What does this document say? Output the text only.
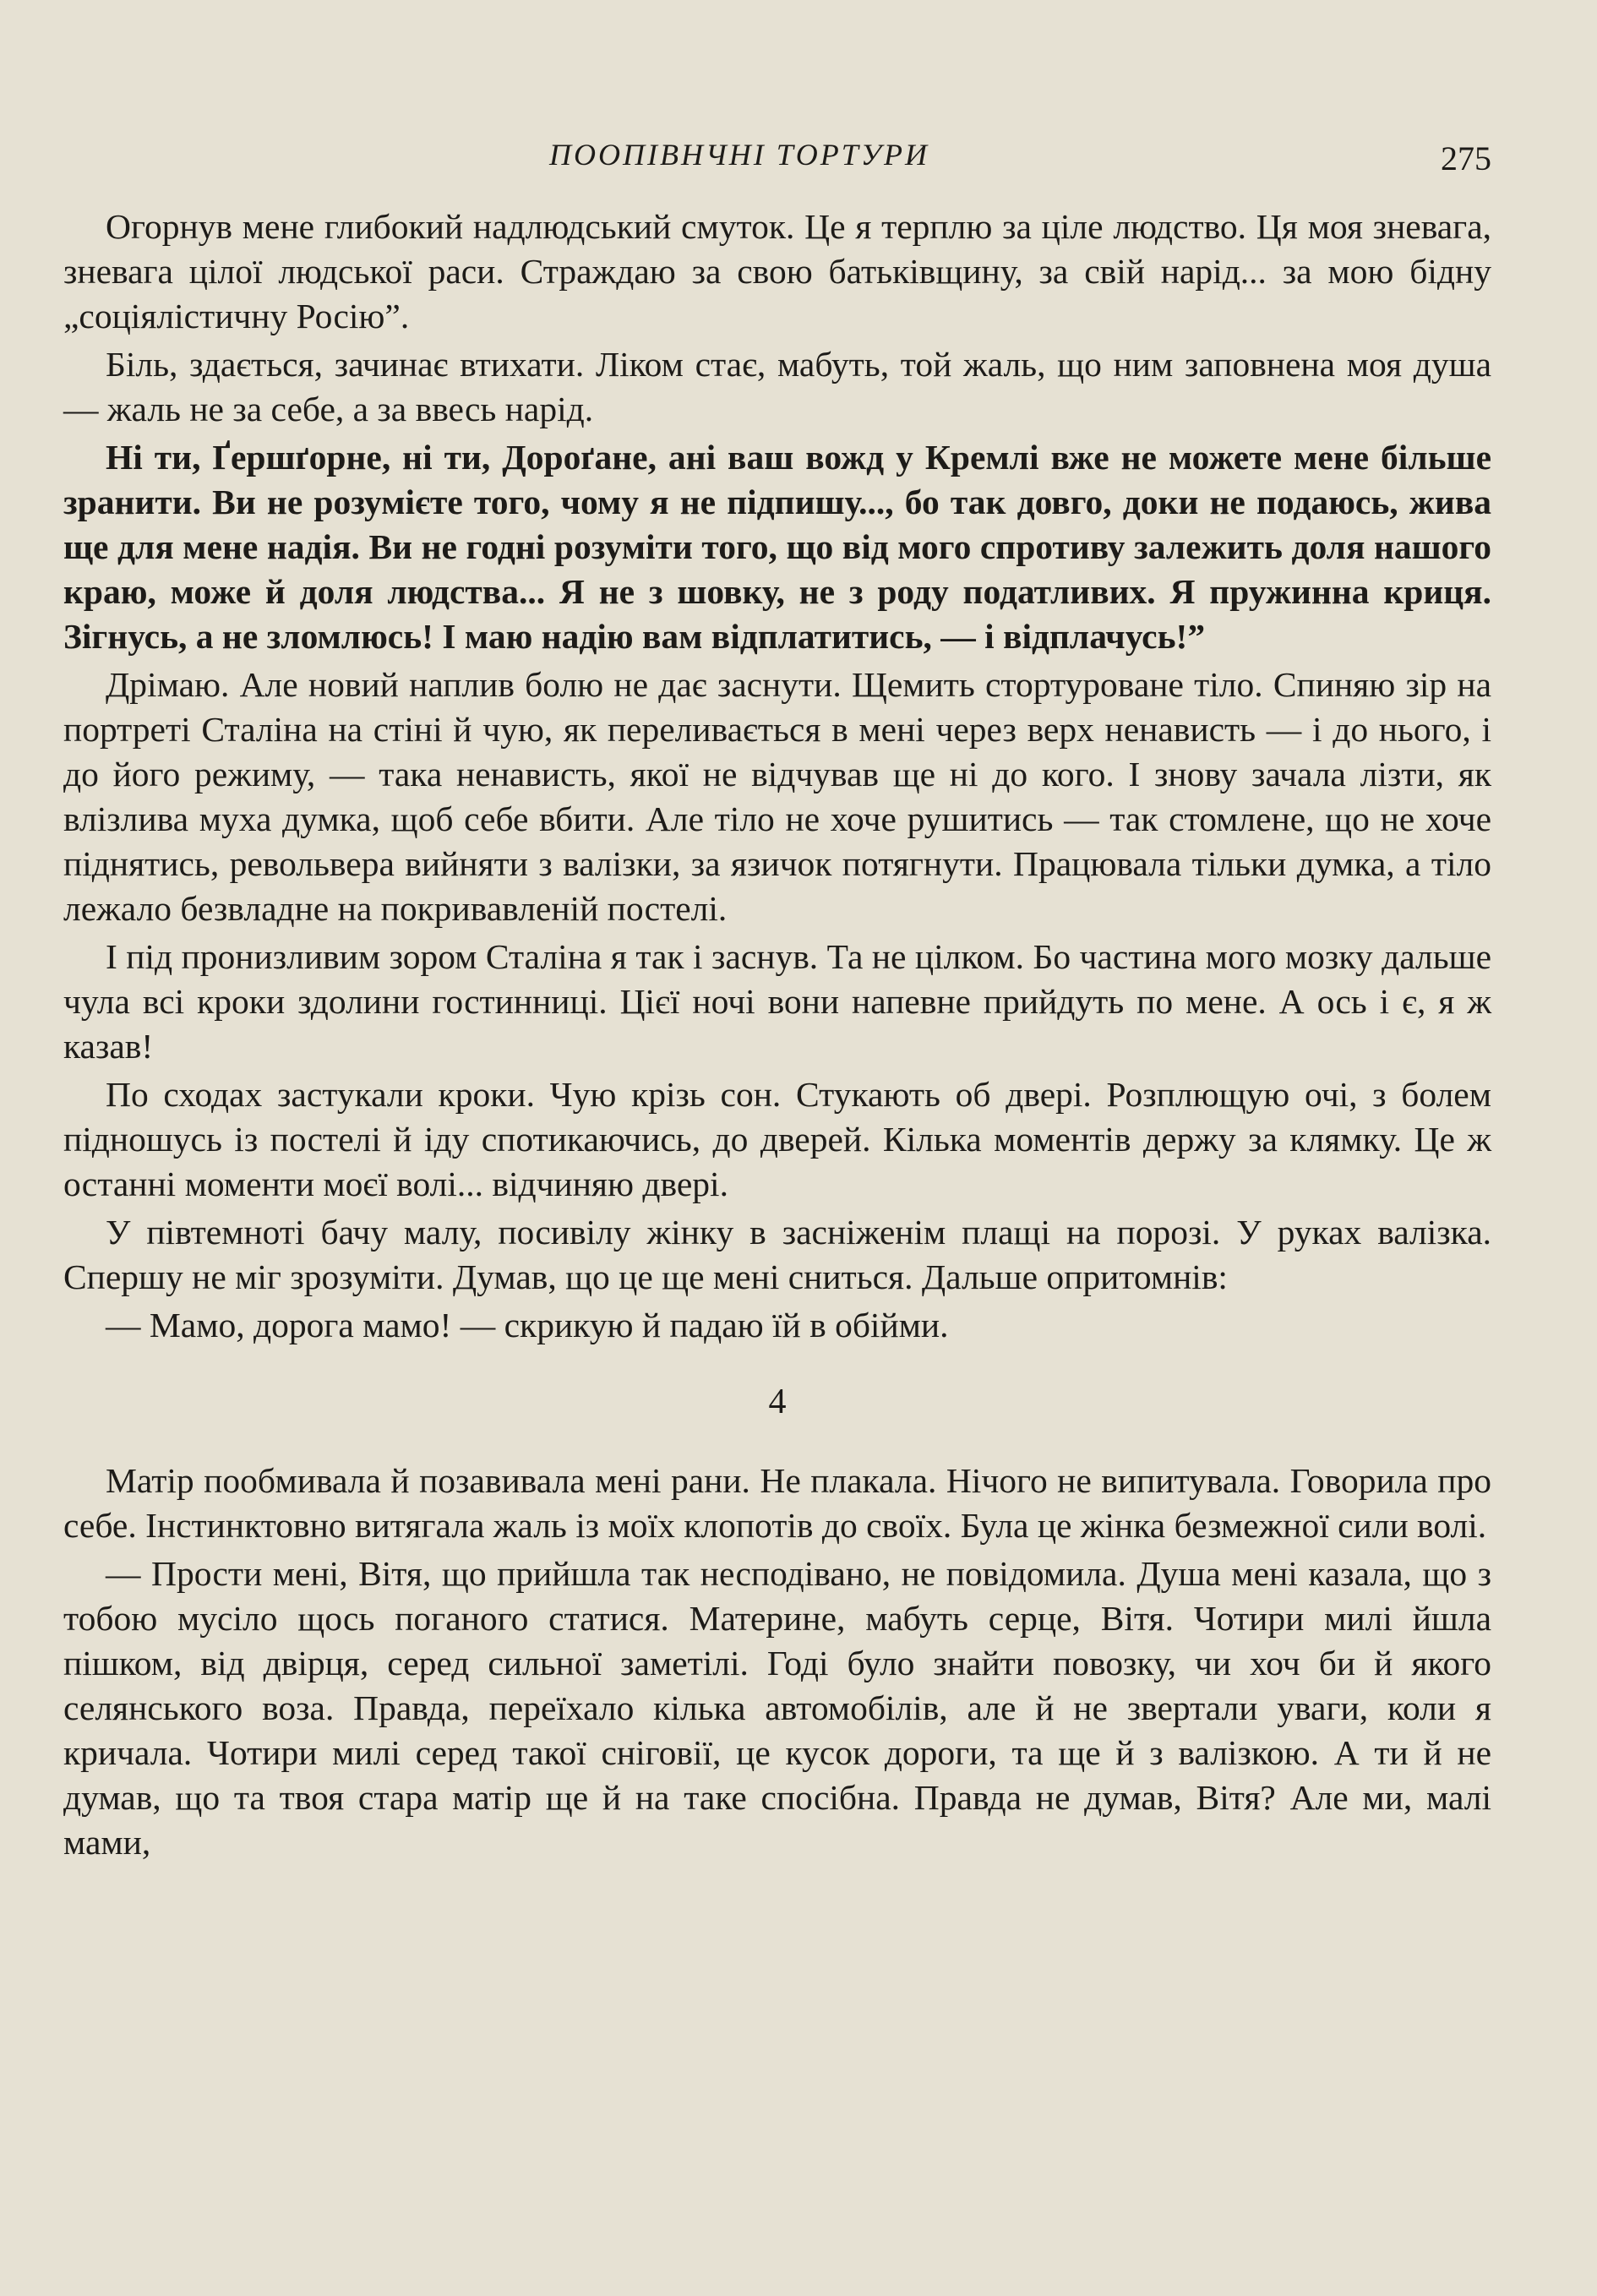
ПООПІВНЧНІ ТОРТУРИ	275

Огорнув мене глибокий надлюдський смуток. Це я терплю за ціле людство. Ця моя зневага, зневага цілої людської раси. Страждаю за свою батьківщину, за свій нарід... за мою бідну „соціялістичну Росію”.

Біль, здається, зачинає втихати. Ліком стає, мабуть, той жаль, що ним заповнена моя душа — жаль не за себе, а за ввесь нарід.

Ні ти, Ґершґорне, ні ти, Дороґане, ані ваш вожд у Кремлі вже не можете мене більше зранити. Ви не розумієте того, чому я не підпишу..., бо так довго, доки не подаюсь, жива ще для мене надія. Ви не годні розуміти того, що від мого спротиву залежить доля нашого краю, може й доля людства... Я не з шовку, не з роду податливих. Я пружинна криця. Зігнусь, а не зломлюсь! І маю надію вам відплатитись, — і відплачусь!”

Дрімаю. Але новий наплив болю не дає заснути. Щемить стортуроване тіло. Спиняю зір на портреті Сталіна на стіні й чую, як переливається в мені через верх ненависть — і до нього, і до його режиму, — така ненависть, якої не відчував ще ні до кого. І знову зачала лізти, як влізлива муха думка, щоб себе вбити. Але тіло не хоче рушитись — так стомлене, що не хоче піднятись, револьвера вийняти з валізки, за язичок потягнути. Працювала тільки думка, а тіло лежало безвладне на покривавленій постелі.

І під пронизливим зором Сталіна я так і заснув. Та не цілком. Бо частина мого мозку дальше чула всі кроки здолини гостинниці. Цієї ночі вони напевне прийдуть по мене. А ось і є, я ж казав!

По сходах застукали кроки. Чую крізь сон. Стукають об двері. Розплющую очі, з болем підношусь із постелі й іду спотикаючись, до дверей. Кілька моментів держу за клямку. Це ж останні моменти моєї волі... відчиняю двері.

У півтемноті бачу малу, посивілу жінку в засніженім плащі на порозі. У руках валізка. Спершу не міг зрозуміти. Думав, що це ще мені сниться. Дальше опритомнів:

— Мамо, дорога мамо! — скрикую й падаю їй в обійми.

4

Матір пообмивала й позавивала мені рани. Не плакала. Нічого не випитувала. Говорила про себе. Інстинктовно витягала жаль із моїх клопотів до своїх. Була це жінка безмежної сили волі.

— Прости мені, Вітя, що прийшла так несподівано, не повідомила. Душа мені казала, що з тобою мусіло щось поганого статися. Материне, мабуть серце, Вітя. Чотири милі йшла пішком, від двірця, серед сильної заметілі. Годі було знайти повозку, чи хоч би й якого селянського воза. Правда, переїхало кілька автомобілів, але й не звертали уваги, коли я кричала. Чотири милі серед такої сніговії, це кусок дороги, та ще й з валізкою. А ти й не думав, що та твоя стара матір ще й на таке спосібна. Правда не думав, Вітя? Але ми, малі мами,
